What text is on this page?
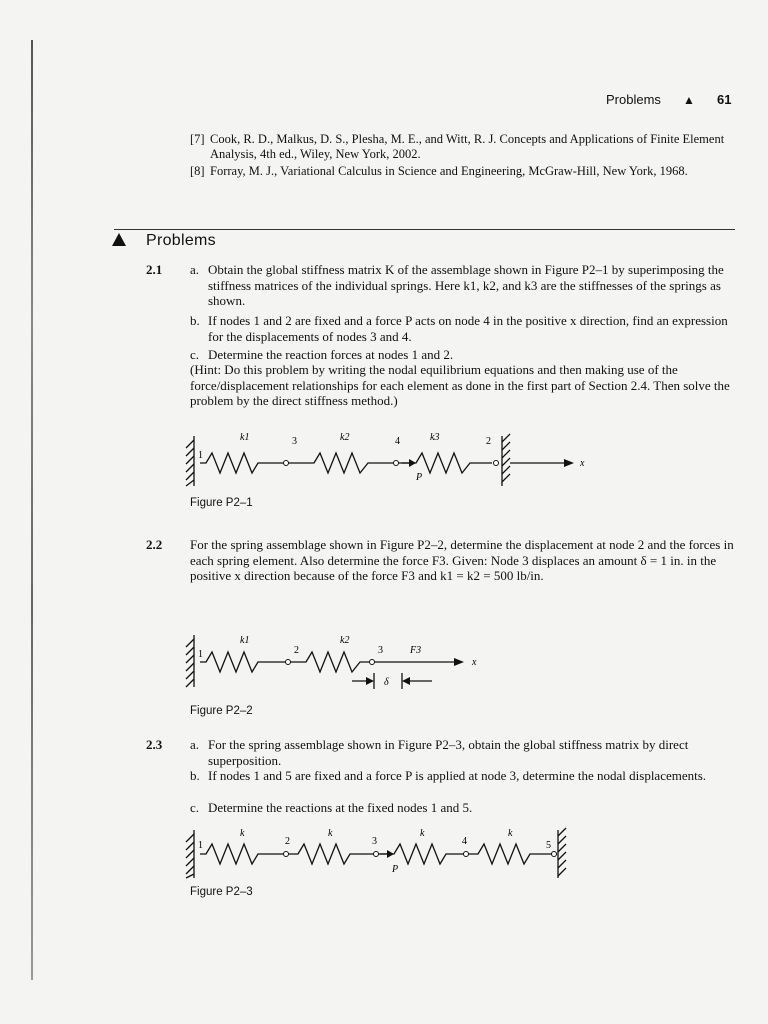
Problems ▲ 61
[7] Cook, R. D., Malkus, D. S., Plesha, M. E., and Witt, R. J. Concepts and Applications of Finite Element Analysis, 4th ed., Wiley, New York, 2002.
[8] Forray, M. J., Variational Calculus in Science and Engineering, McGraw-Hill, New York, 1968.
Problems
2.1 a. Obtain the global stiffness matrix K of the assemblage shown in Figure P2–1 by superimposing the stiffness matrices of the individual springs. Here k1, k2, and k3 are the stiffnesses of the springs as shown.
b. If nodes 1 and 2 are fixed and a force P acts on node 4 in the positive x direction, find an expression for the displacements of nodes 3 and 4.
c. Determine the reaction forces at nodes 1 and 2.
(Hint: Do this problem by writing the nodal equilibrium equations and then making use of the force/displacement relationships for each element as done in the first part of Section 2.4. Then solve the problem by the direct stiffness method.)
1
3	4	2
k1	k2	k3
P
x
Figure P2–1
2.2 For the spring assemblage shown in Figure P2–2, determine the displacement at node 2 and the forces in each spring element. Also determine the force F3. Given: Node 3 displaces an amount δ = 1 in. in the positive x direction because of the force F3 and k1 = k2 = 500 lb/in.
1	2	3
k1	k2
F3
x
δ
Figure P2–2
2.3 a. For the spring assemblage shown in Figure P2–3, obtain the global stiffness matrix by direct superposition.
b. If nodes 1 and 5 are fixed and a force P is applied at node 3, determine the nodal displacements.
c. Determine the reactions at the fixed nodes 1 and 5.
1	2	3	4	5
k	k	k	k
P
Figure P2–3
